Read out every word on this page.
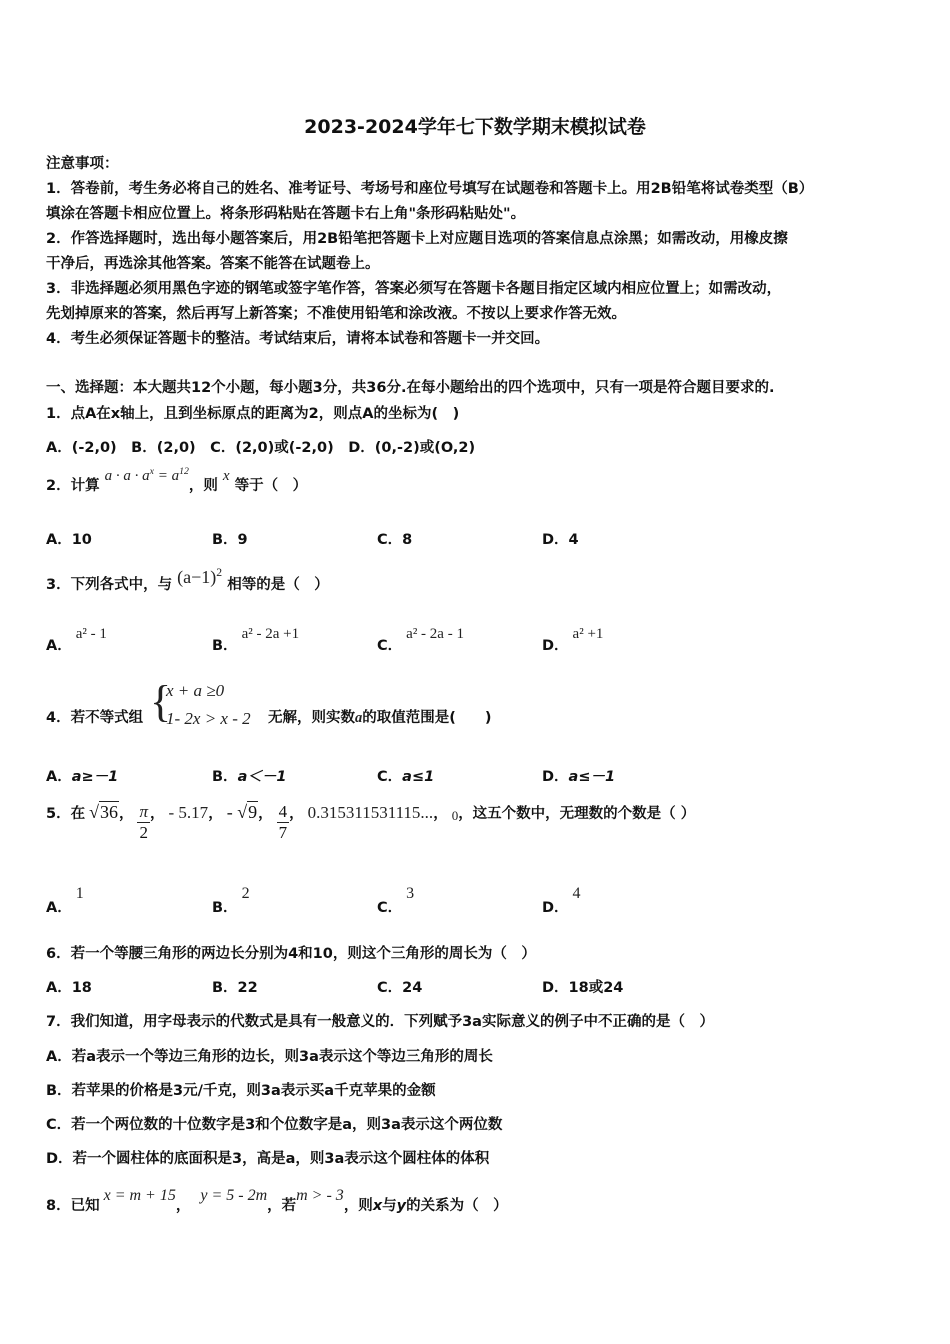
2023-2024学年七下数学期末模拟试卷
注意事项：
1．答卷前，考生务必将自己的姓名、准考证号、考场号和座位号填写在试题卷和答题卡上。用2B铅笔将试卷类型（B）
填涂在答题卡相应位置上。将条形码粘贴在答题卡右上角"条形码粘贴处"。
2．作答选择题时，选出每小题答案后，用2B铅笔把答题卡上对应题目选项的答案信息点涂黑；如需改动，用橡皮擦
干净后，再选涂其他答案。答案不能答在试题卷上。
3．非选择题必须用黑色字迹的钢笔或签字笔作答，答案必须写在答题卡各题目指定区域内相应位置上；如需改动，
先划掉原来的答案，然后再写上新答案；不准使用铅笔和涂改液。不按以上要求作答无效。
4．考生必须保证答题卡的整洁。考试结束后，请将本试卷和答题卡一并交回。
一、选择题：本大题共12个小题，每小题3分，共36分.在每小题给出的四个选项中，只有一项是符合题目要求的.
1．点A在x轴上，且到坐标原点的距离为2，则点A的坐标为(　)
A．(-2,0)　B．(2,0)　C．(2,0)或(-2,0)　D．(0,-2)或(O,2)
2．计算 $a \cdot a \cdot a^x = a^{12}$，则 x 等于（　）
A．10	B．9	C．8	D．4
3．下列各式中，与 $(a-1)^2$ 相等的是（　）
A． a² - 1
B． a² - 2a +1
C． a² - 2a - 1
D． a² +1
4．若不等式组 {
x + a ≥0
1- 2x > x - 2 无解，则实数a的取值范围是(　　)
A．a≥－1	B．a＜－1	C．a≤1	D．a≤－1
5．在 √36， $\frac{\pi}{2}$ ， - 5.17， - √9， $\frac{4}{7}$ ， 0.315311531115...， $^0$，这五个数中，无理数的个数是（ ）
A． 1
B． 2
C． 3
D． 4
6．若一个等腰三角形的两边长分别为4和10，则这个三角形的周长为（　）
A．18	B．22	C．24	D．18或24
7．我们知道，用字母表示的代数式是具有一般意义的．下列赋予3a实际意义的例子中不正确的是（　）
A．若a表示一个等边三角形的边长，则3a表示这个等边三角形的周长
B．若苹果的价格是3元/千克，则3a表示买a千克苹果的金额
C．若一个两位数的十位数字是3和个位数字是a，则3a表示这个两位数
D．若一个圆柱体的底面积是3，高是a，则3a表示这个圆柱体的体积
8．已知 x = m + 15， y = 5 - 2m，若m > - 3，则x与y的关系为（　）
